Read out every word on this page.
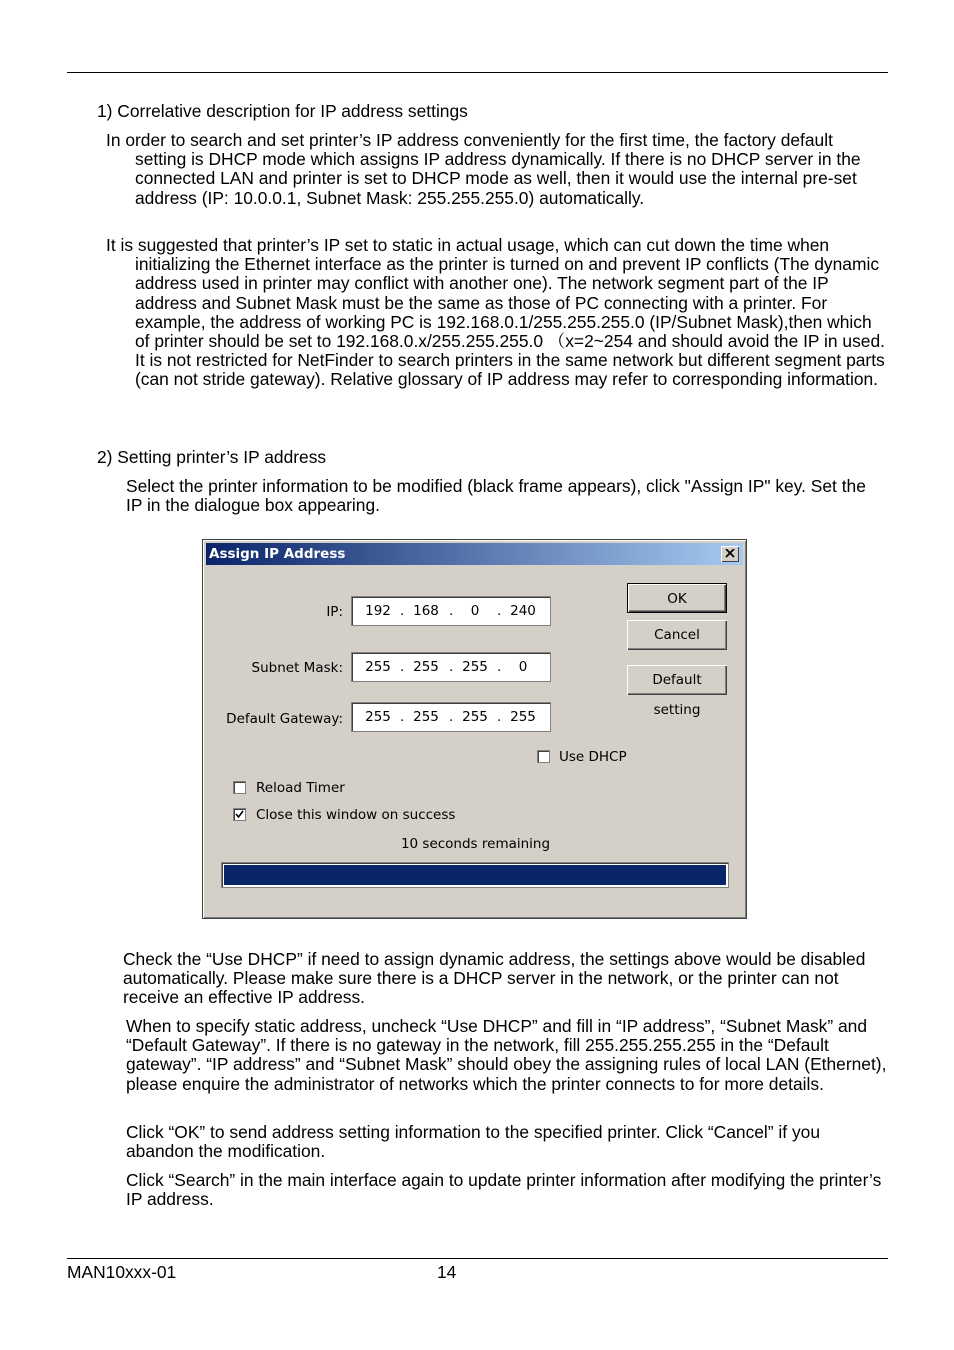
1) Correlative description for IP address settings

In order to search and set printer’s IP address conveniently for the first time, the factory default setting is DHCP mode which assigns IP address dynamically. If there is no DHCP server in the connected LAN and printer is set to DHCP mode as well, then it would use the internal pre-set address (IP: 10.0.0.1, Subnet Mask: 255.255.255.0) automatically.

It is suggested that printer’s IP set to static in actual usage, which can cut down the time when initializing the Ethernet interface as the printer is turned on and prevent IP conflicts (The dynamic address used in printer may conflict with another one). The network segment part of the IP address and Subnet Mask must be the same as those of PC connecting with a printer. For example, the address of working PC is 192.168.0.1/255.255.255.0 (IP/Subnet Mask),then which of printer should be set to 192.168.0.x/255.255.255.0 （x=2~254 and should avoid the IP in used. It is not restricted for NetFinder to search printers in the same network but different segment parts (can not stride gateway). Relative glossary of IP address may refer to corresponding information.

2) Setting printer’s IP address

Select the printer information to be modified (black frame appears), click "Assign IP" key. Set the IP in the dialogue box appearing.

Assign IP Address
IP:	192 . 168 .	0	. 240
Subnet Mask:	255 . 255 . 255 .	0
Default Gateway:	255 . 255 . 255 . 255
OK
Cancel
Default setting
Use DHCP
Reload Timer
Close this window on success
10 seconds remaining

Check the “Use DHCP” if need to assign dynamic address, the settings above would be disabled automatically. Please make sure there is a DHCP server in the network, or the printer can not receive an effective IP address.

When to specify static address, uncheck “Use DHCP” and fill in “IP address”, “Subnet Mask” and “Default Gateway”. If there is no gateway in the network, fill 255.255.255.255 in the “Default gateway”. “IP address” and “Subnet Mask” should obey the assigning rules of local LAN (Ethernet), please enquire the administrator of networks which the printer connects to for more details.

Click “OK” to send address setting information to the specified printer. Click “Cancel” if you abandon the modification.

Click “Search” in the main interface again to update printer information after modifying the printer’s IP address.

MAN10xxx-01	14
